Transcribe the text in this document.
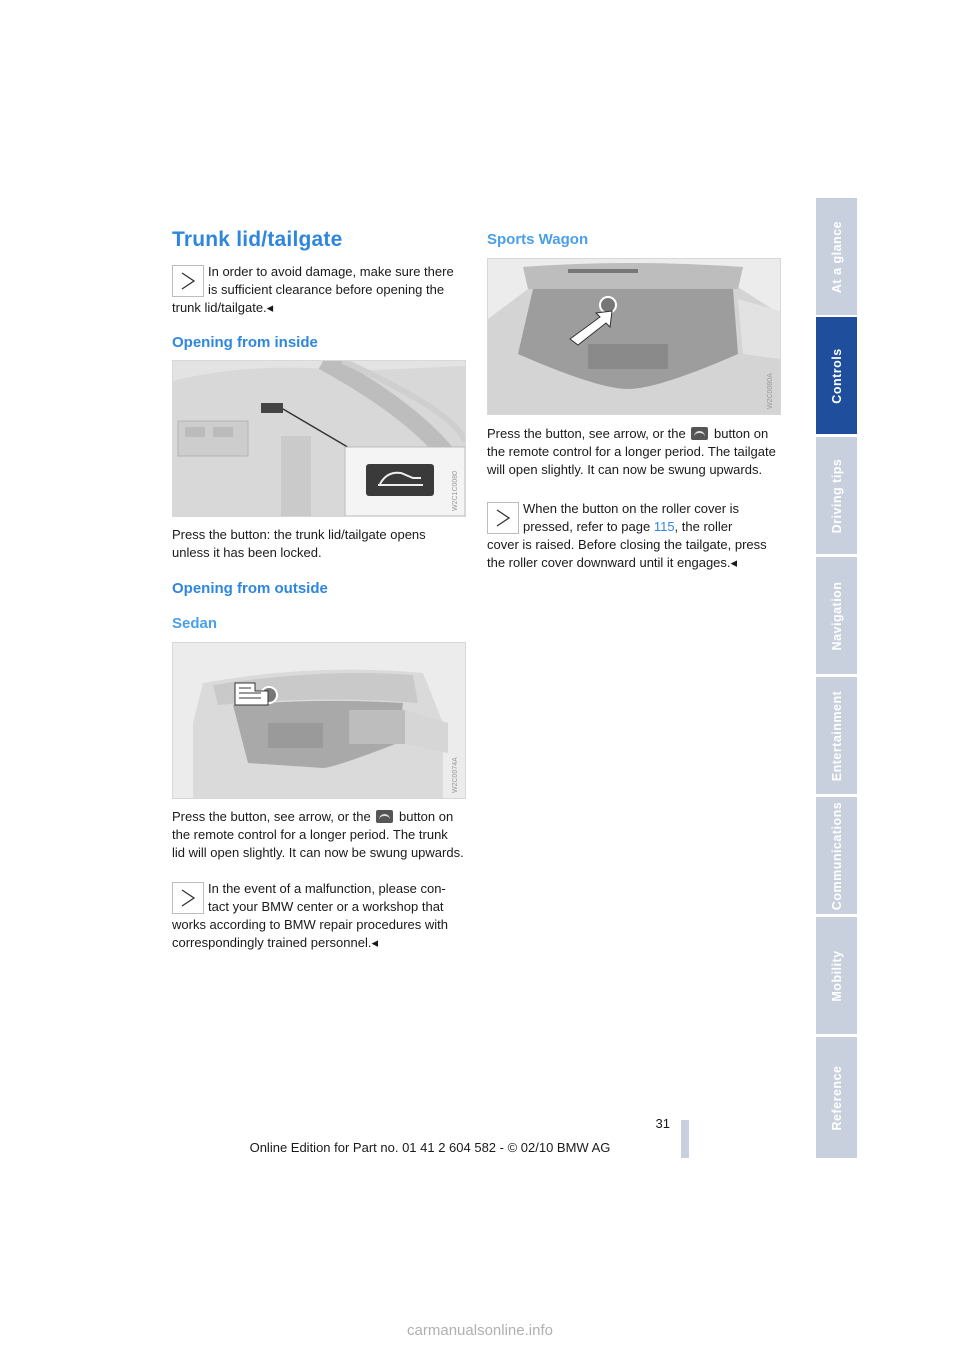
Trunk lid/tailgate
In order to avoid damage, make sure there is sufficient clearance before opening the
trunk lid/tailgate.◂
Opening from inside
W2C1C0080

Press the button: the trunk lid/tailgate opens unless it has been locked.

Opening from outside
Sedan
W2C0074A

Press the button, see arrow, or the button on the remote control for a longer period. The trunk lid will open slightly. It can now be swung upwards.

In the event of a malfunction, please con- tact your BMW center or a workshop that
works according to BMW repair procedures with correspondingly trained personnel.◂
Sports Wagon
W2C0080A

Press the button, see arrow, or the button on the remote control for a longer period. The tailgate will open slightly. It can now be swung upwards.

When the button on the roller cover is pressed, refer to page 115, the roller
cover is raised. Before closing the tailgate, press the roller cover downward until it engages.◂
At a glance
Controls
Driving tips
Navigation
Entertainment
Communications
Mobility
Reference
31
Online Edition for Part no. 01 41 2 604 582 - © 02/10 BMW AG
carmanualsonline.info
